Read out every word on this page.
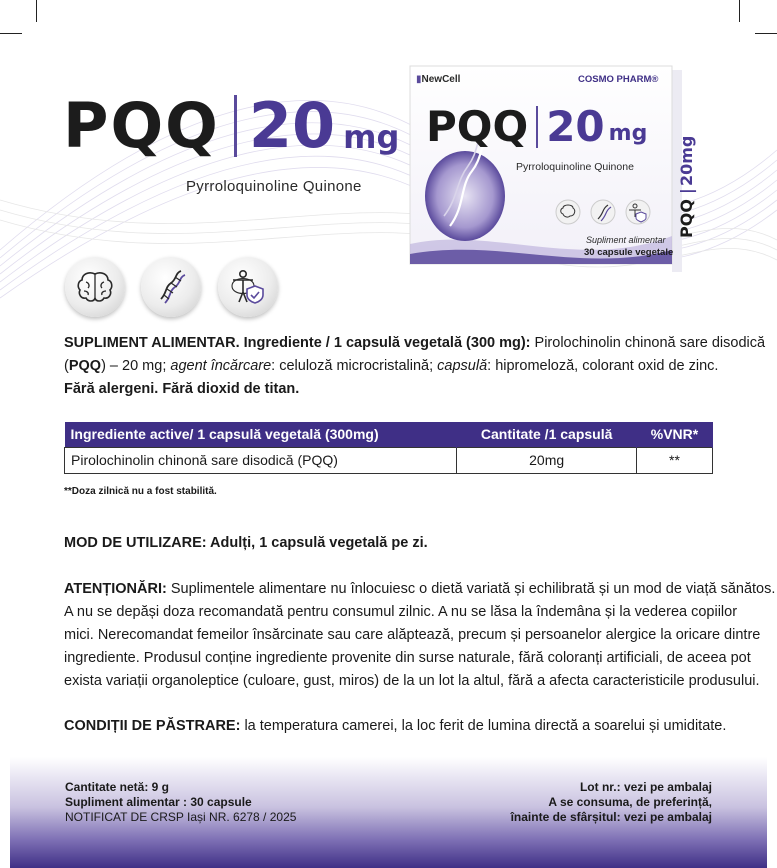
PQQ 20 mg
Pyrroloquinoline Quinone
PQQ
|
20mg
▮NewCell	COSMO PHARM®
PQQ 20 mg
Pyrroloquinoline Quinone
Supliment alimentar
30 capsule vegetale
SUPLIMENT ALIMENTAR. Ingrediente / 1 capsulă vegetală (300 mg): Pirolochinolin chinonă sare disodică
(PQQ) – 20 mg; agent încărcare: celuloză microcristalină; capsulă: hipromeloză, colorant oxid de zinc.
Fără alergeni. Fără dioxid de titan.
Ingrediente active/ 1 capsulă vegetală (300mg)	Cantitate /1 capsulă	%VNR*
Pirolochinolin chinonă sare disodică (PQQ)	20mg	**
**Doza zilnică nu a fost stabilită.
MOD DE UTILIZARE: Adulți, 1 capsulă vegetală pe zi.
ATENȚIONĂRI: Suplimentele alimentare nu înlocuiesc o dietă variată și echilibrată și un mod de viață sănătos.
A nu se depăși doza recomandată pentru consumul zilnic. A nu se lăsa la îndemâna și la vederea copiilor
mici. Nerecomandat femeilor însărcinate sau care alăptează, precum și persoanelor alergice la oricare dintre
ingrediente. Produsul conține ingrediente provenite din surse naturale, fără coloranți artificiali, de aceea pot
exista variații organoleptice (culoare, gust, miros) de la un lot la altul, fără a afecta caracteristicile produsului.
CONDIȚII DE PĂSTRARE: la temperatura camerei, la loc ferit de lumina directă a soarelui și umiditate.
Cantitate netă: 9 g
Supliment alimentar : 30 capsule
NOTIFICAT DE CRSP Iași NR. 6278 / 2025
Lot nr.: vezi pe ambalaj
A se consuma, de preferință,
înainte de sfârșitul: vezi pe ambalaj
